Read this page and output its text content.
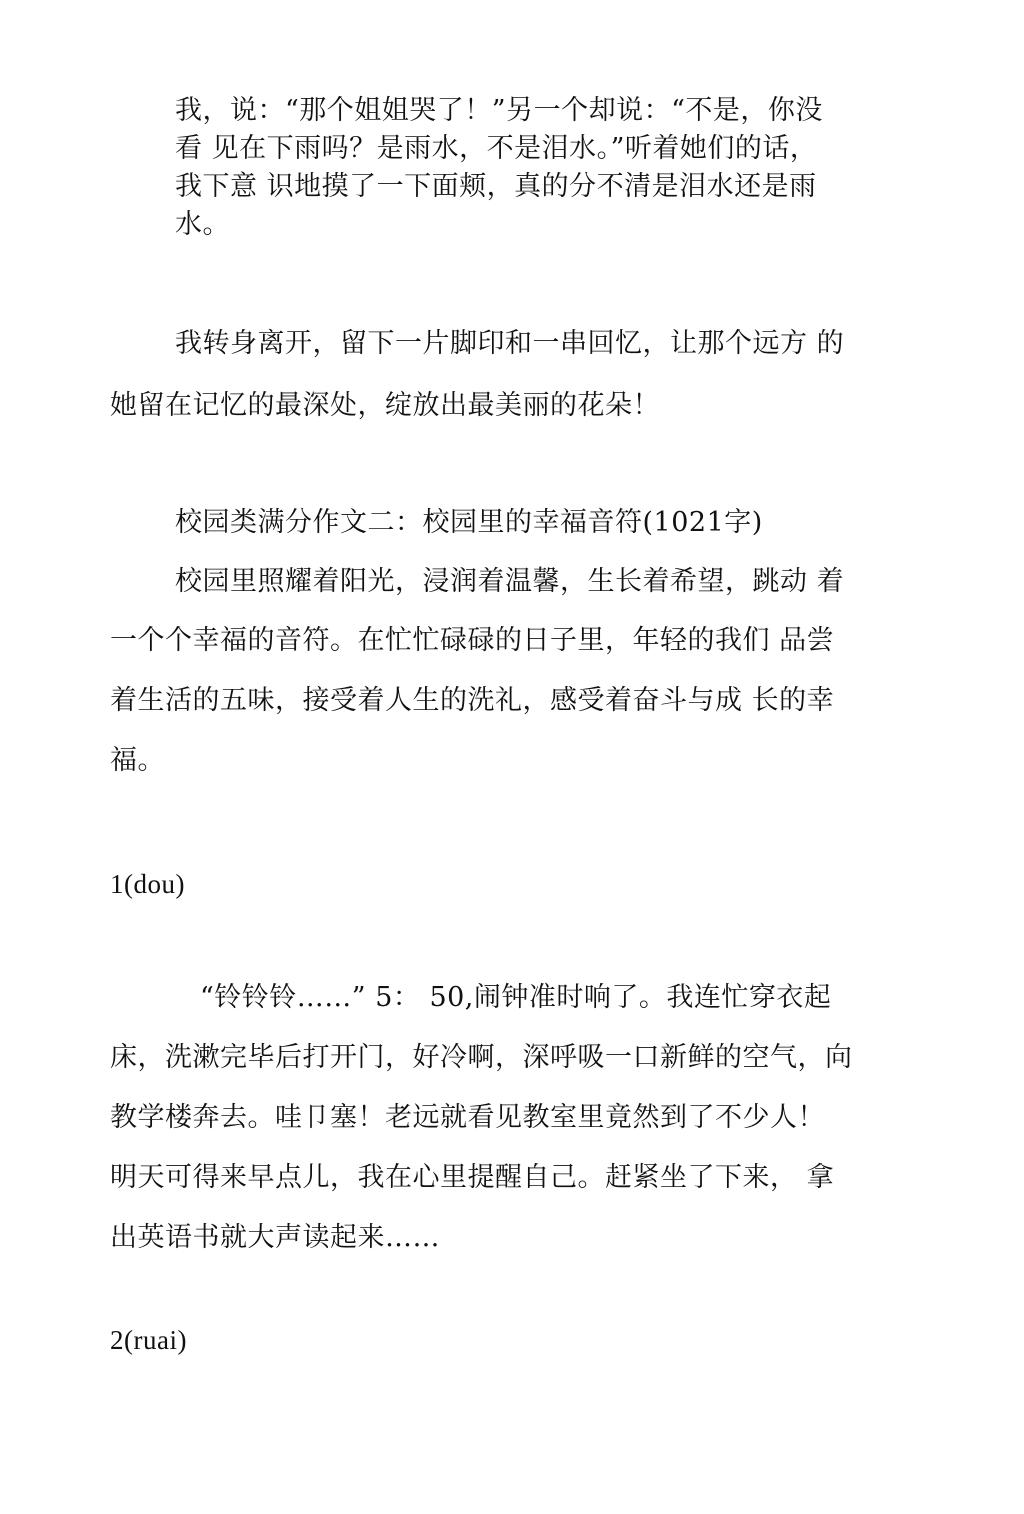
我，说：“那个姐姐哭了！”另一个却说：“不是，你没
看 见在下雨吗？是雨水，不是泪水。”听着她们的话，
我下意 识地摸了一下面颊，真的分不清是泪水还是雨
水。
我转身离开，留下一片脚印和一串回忆，让那个远方 的
她留在记忆的最深处，绽放出最美丽的花朵！
校园类满分作文二：校园里的幸福音符(1021字)
校园里照耀着阳光，浸润着温馨，生长着希望，跳动 着
一个个幸福的音符。在忙忙碌碌的日子里，年轻的我们 品尝
着生活的五味，接受着人生的洗礼，感受着奋斗与成 长的幸
福。
1(dou)
“铃铃铃……” 5： 50,闹钟准时响了。我连忙穿衣起
床，洗漱完毕后打开门，好冷啊，深呼吸一口新鲜的空气，向
教学楼奔去。哇卩塞！老远就看见教室里竟然到了不少人！
明天可得来早点儿，我在心里提醒自己。赶紧坐了下来， 拿
出英语书就大声读起来……
2(ruai)
